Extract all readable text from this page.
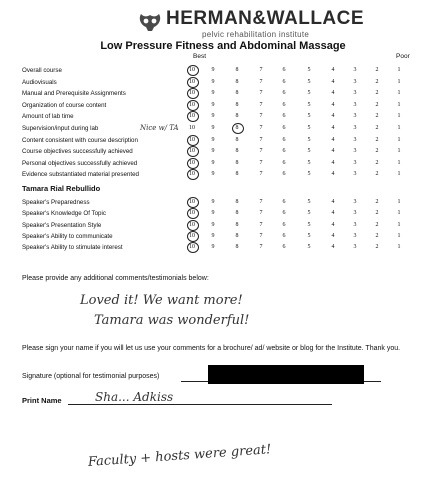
HERMAN&WALLACE
pelvic rehabilitation institute
Low Pressure Fitness and Abdominal Massage
Best	Poor
Overall course	10	9	8	7	6	5	4	3	2	1
Audiovisuals	10	9	8	7	6	5	4	3	2	1
Manual and Prerequisite Assignments	10	9	8	7	6	5	4	3	2	1
Organization of course content	10	9	8	7	6	5	4	3	2	1
Amount of lab time	10	9	8	7	6	5	4	3	2	1
Supervision/input during lab	Nice w/ TA	10	9	8	7	6	5	4	3	2	1
Content consistent with course description	10	9	8	7	6	5	4	3	2	1
Course objectives successfully achieved	10	9	8	7	6	5	4	3	2	1
Personal objectives successfully achieved	10	9	8	7	6	5	4	3	2	1
Evidence substantiated material presented	10	9	8	7	6	5	4	3	2	1
Tamara Rial Rebullido
Speaker's Preparedness	10	9	8	7	6	5	4	3	2	1
Speaker's Knowledge Of Topic	10	9	8	7	6	5	4	3	2	1
Speaker's Presentation Style	10	9	8	7	6	5	4	3	2	1
Speaker's Ability to communicate	10	9	8	7	6	5	4	3	2	1
Speaker's Ability to stimulate interest	10	9	8	7	6	5	4	3	2	1
Please provide any additional comments/testimonials below:
Loved it! We want more!
Tamara was wonderful!
Please sign your name if you will let us use your comments for a brochure/ ad/ website or blog for the Institute. Thank you.
Signature (optional for testimonial purposes)
Print Name	Sha... Adkiss
Faculty + hosts were great!
